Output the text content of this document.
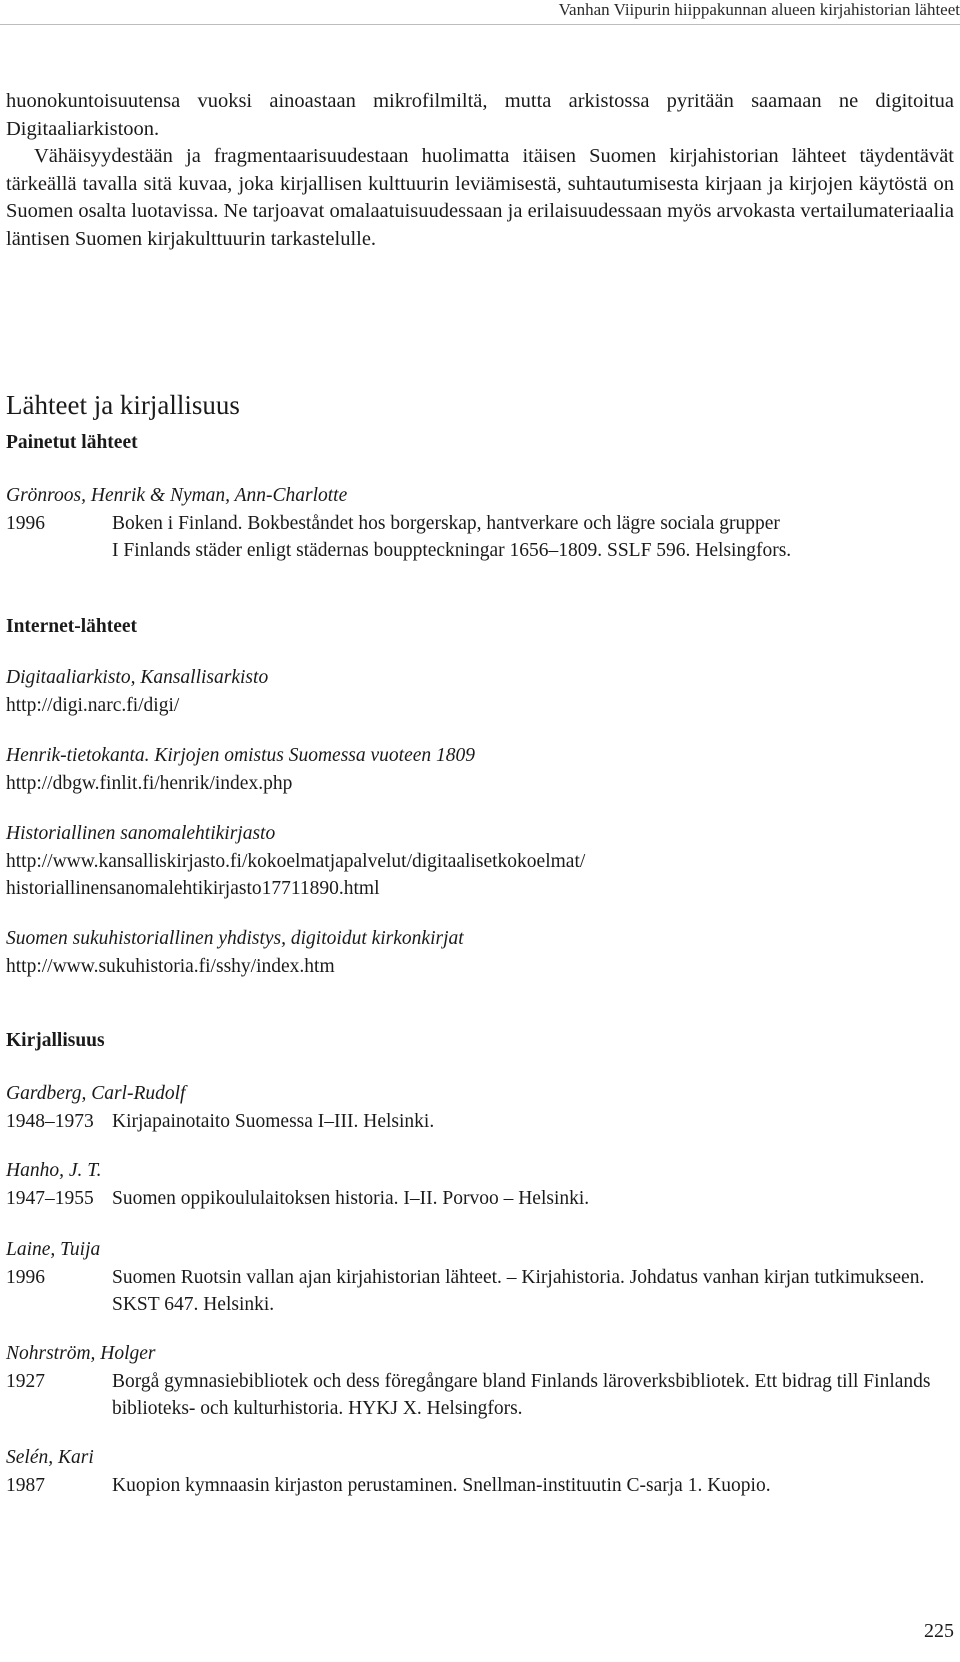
Vanhan Viipurin hiippakunnan alueen kirjahistorian lähteet

huonokuntoisuutensa vuoksi ainoastaan mikrofilmiltä, mutta arkistossa pyritään saamaan ne digitoitua Digitaaliarkistoon.

Vähäisyydestään ja fragmentaarisuudestaan huolimatta itäisen Suomen kirjahistorian lähteet täydentävät tärkeällä tavalla sitä kuvaa, joka kirjallisen kulttuurin leviämisestä, suhtautumisesta kirjaan ja kirjojen käytöstä on Suomen osalta luotavissa. Ne tarjoavat omalaatuisuudessaan ja erilaisuudessaan myös arvokasta vertailumateriaalia läntisen Suomen kirjakulttuurin tarkastelulle.

Lähteet ja kirjallisuus
Painetut lähteet
Grönroos, Henrik & Nyman, Ann-Charlotte
1996	Boken i Finland. Bokbeståndet hos borgerskap, hantverkare och lägre sociala grupper
I Finlands städer enligt städernas bouppteckningar 1656–1809. SSLF 596. Helsingfors.
Internet-lähteet
Digitaaliarkisto, Kansallisarkisto
http://digi.narc.fi/digi/
Henrik-tietokanta. Kirjojen omistus Suomessa vuoteen 1809
http://dbgw.finlit.fi/henrik/index.php
Historiallinen sanomalehtikirjasto
http://www.kansalliskirjasto.fi/kokoelmatjapalvelut/digitaalisetkokoelmat/
historiallinensanomalehtikirjasto17711890.html
Suomen sukuhistoriallinen yhdistys, digitoidut kirkonkirjat
http://www.sukuhistoria.fi/sshy/index.htm
Kirjallisuus
Gardberg, Carl-Rudolf
1948–1973 Kirjapainotaito Suomessa I–III. Helsinki.
Hanho, J. T.
1947–1955 Suomen oppikoululaitoksen historia. I–II. Porvoo – Helsinki.
Laine, Tuija
1996	Suomen Ruotsin vallan ajan kirjahistorian lähteet. – Kirjahistoria. Johdatus vanhan kirjan tutkimukseen. SKST 647. Helsinki.
Nohrström, Holger
1927	Borgå gymnasiebibliotek och dess föregångare bland Finlands läroverksbibliotek. Ett bidrag till Finlands biblioteks- och kulturhistoria. HYKJ X. Helsingfors.
Selén, Kari
1987	Kuopion kymnaasin kirjaston perustaminen. Snellman-instituutin C-sarja 1. Kuopio.
225
